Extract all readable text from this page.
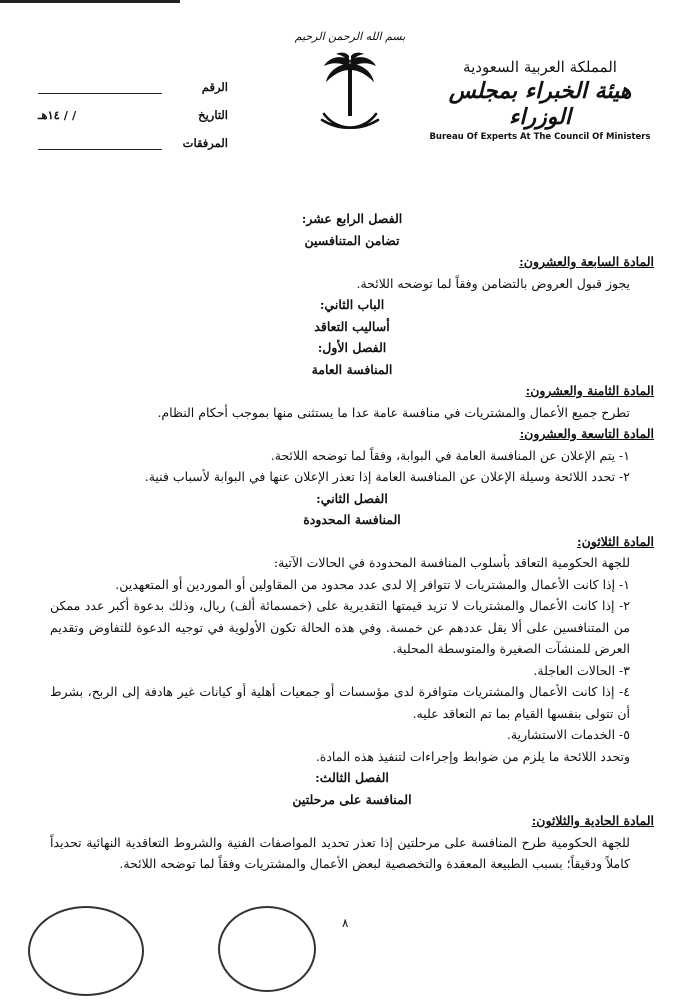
المملكة العربية السعودية
هيئة الخبراء بمجلس الوزراء
Bureau Of Experts At The Council Of Ministers
بسم الله الرحمن الرحيم
الرقم
التاريخ
/ / ١٤هـ
المرفقات

الفصل الرابع عشر:

تضامن المتنافسين

المادة السابعة والعشرون:

يجوز قبول العروض بالتضامن وفقاً لما توضحه اللائحة.

الباب الثاني:

أساليب التعاقد

الفصل الأول:

المنافسة العامة

المادة الثامنة والعشرون:

تطرح جميع الأعمال والمشتريات في منافسة عامة عدا ما يستثنى منها بموجب أحكام النظام.

المادة التاسعة والعشرون:

١- يتم الإعلان عن المنافسة العامة في البوابة، وفقاً لما توضحه اللائحة.

٢- تحدد اللائحة وسيلة الإعلان عن المنافسة العامة إذا تعذر الإعلان عنها في البوابة لأسباب فنية.

الفصل الثاني:

المنافسة المحدودة

المادة الثلاثون:

للجهة الحكومية التعاقد بأسلوب المنافسة المحدودة في الحالات الآتية:

١- إذا كانت الأعمال والمشتريات لا تتوافر إلا لدى عدد محدود من المقاولين أو الموردين أو المتعهدين.

٢- إذا كانت الأعمال والمشتريات لا تزيد قيمتها التقديرية على (خمسمائة ألف) ريال، وذلك بدعوة أكبر عدد ممكن من المتنافسين على ألا يقل عددهم عن خمسة. وفي هذه الحالة تكون الأولوية في توجيه الدعوة للتفاوض وتقديم العرض للمنشآت الصغيرة والمتوسطة المحلية.

٣- الحالات العاجلة.

٤- إذا كانت الأعمال والمشتريات متوافرة لدى مؤسسات أو جمعيات أهلية أو كيانات غير هادفة إلى الربح، بشرط أن تتولى بنفسها القيام بما تم التعاقد عليه.

٥- الخدمات الاستشارية.

وتحدد اللائحة ما يلزم من ضوابط وإجراءات لتنفيذ هذه المادة.

الفصل الثالث:

المنافسة على مرحلتين

المادة الحادية والثلاثون:

للجهة الحكومية طرح المنافسة على مرحلتين إذا تعذر تحديد المواصفات الفنية والشروط التعاقدية النهائية تحديداً كاملاً ودقيقاً؛ بسبب الطبيعة المعقدة والتخصصية لبعض الأعمال والمشتريات وفقاً لما توضحه اللائحة.

٨
